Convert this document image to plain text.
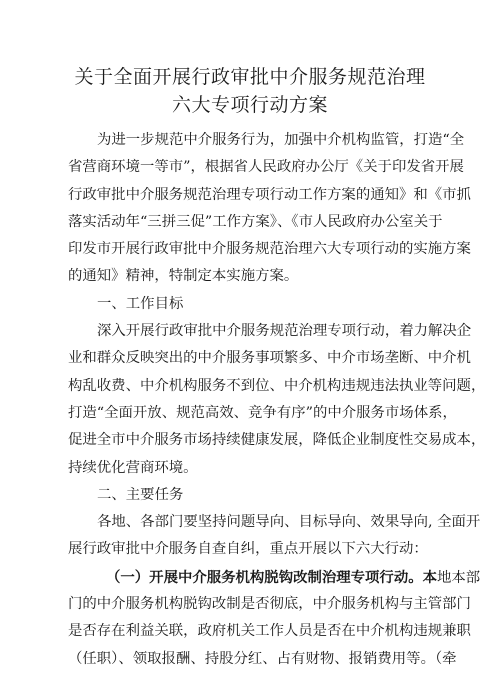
关于全面开展行政审批中介服务规范治理
六大专项行动方案
为进一步规范中介服务行为，加强中介机构监管，打造“全
省营商环境一等市”，根据省人民政府办公厅《关于印发省开展
行政审批中介服务规范治理专项行动工作方案的通知》和《市抓
落实活动年“三拼三促”工作方案》、《市人民政府办公室关于
印发市开展行政审批中介服务规范治理六大专项行动的实施方案
的通知》精神，特制定本实施方案。
一、工作目标
深入开展行政审批中介服务规范治理专项行动，着力解决企
业和群众反映突出的中介服务事项繁多、中介市场垄断、中介机
构乱收费、中介机构服务不到位、中介机构违规违法执业等问题，
打造“全面开放、规范高效、竞争有序”的中介服务市场体系，
促进全市中介服务市场持续健康发展，降低企业制度性交易成本，
持续优化营商环境。
二、主要任务
各地、各部门要坚持问题导向、目标导向、效果导向, 全面开
展行政审批中介服务自查自纠，重点开展以下六大行动：
（一）开展中介服务机构脱钩改制治理专项行动。本地本部
门的中介服务机构脱钩改制是否彻底，中介服务机构与主管部门
是否存在利益关联，政府机关工作人员是否在中介机构违规兼职
（任职）、领取报酬、持股分红、占有财物、报销费用等。（牵
